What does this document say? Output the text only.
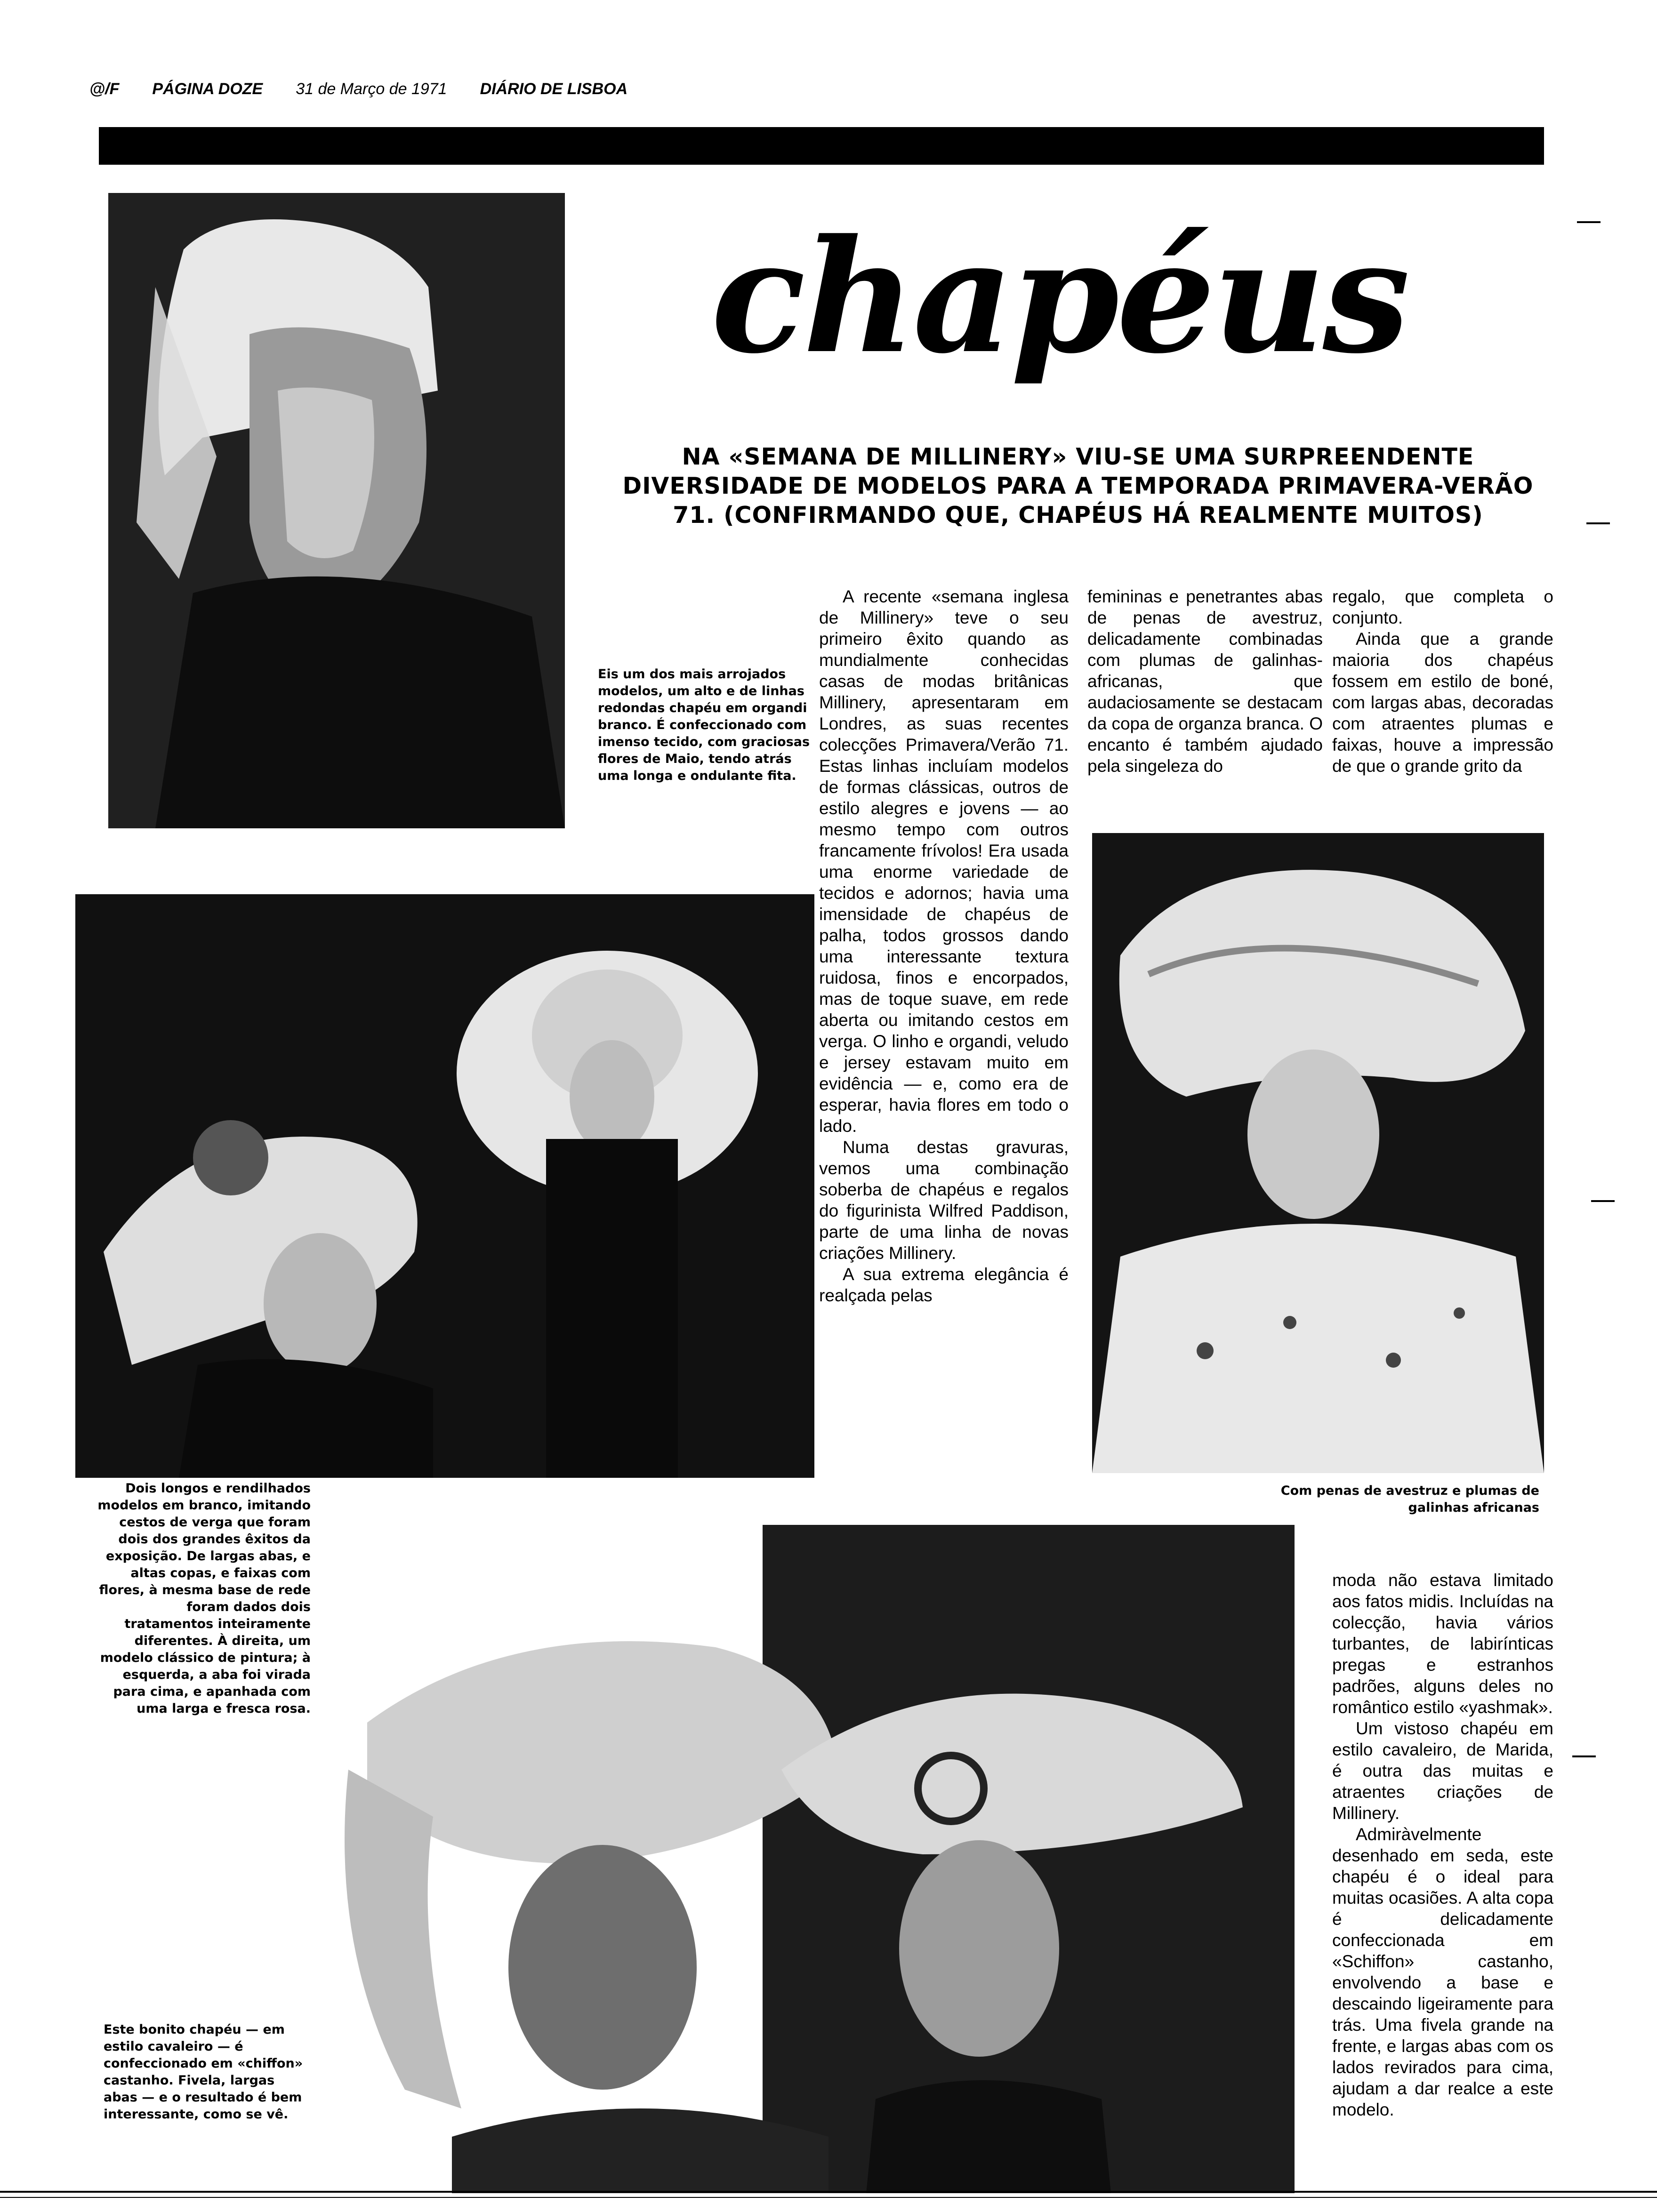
@/F PÁGINA DOZE 31 de Março de 1971 DIÁRIO DE LISBOA
chapéus
NA «SEMANA DE MILLINERY» VIU-SE UMA SURPREENDENTE DIVERSIDADE DE MODELOS PARA A TEMPORADA PRIMAVERA-VERÃO 71. (CONFIRMANDO QUE, CHAPÉUS HÁ REALMENTE MUITOS)
Eis um dos mais arrojados modelos, um alto e de linhas redondas chapéu em organdi branco. É confeccionado com imenso tecido, com graciosas flores de Maio, tendo atrás uma longa e ondulante fita.

A recente «semana inglesa de Millinery» teve o seu primeiro êxito quando as mundialmente conhecidas casas de modas britânicas Millinery, apresentaram em Londres, as suas recentes colecções Primavera/Verão 71. Estas linhas incluíam modelos de formas clássicas, outros de estilo alegres e jovens — ao mesmo tempo com outros francamente frívolos! Era usada uma enorme variedade de tecidos e adornos; havia uma imensidade de chapéus de palha, todos grossos dando uma interessante textura ruidosa, finos e encorpados, mas de toque suave, em rede aberta ou imitando cestos em verga. O linho e organdi, veludo e jersey estavam muito em evidência — e, como era de esperar, havia flores em todo o lado.

Numa destas gravuras, vemos uma combinação soberba de chapéus e regalos do figurinista Wilfred Paddison, parte de uma linha de novas criações Millinery.

A sua extrema elegância é realçada pelas

femininas e penetrantes abas de penas de avestruz, delicadamente combinadas com plumas de galinhas-africanas, que audaciosamente se destacam da copa de organza branca. O encanto é também ajudado pela singeleza do

regalo, que completa o conjunto.

Ainda que a grande maioria dos chapéus fossem em estilo de boné, com largas abas, decoradas com atraentes plumas e faixas, houve a impressão de que o grande grito da

Dois longos e rendilhados modelos em branco, imitando cestos de verga que foram dois dos grandes êxitos da exposição. De largas abas, e altas copas, e faixas com flores, à mesma base de rede foram dados dois tratamentos inteiramente diferentes. À direita, um modelo clássico de pintura; à esquerda, a aba foi virada para cima, e apanhada com uma larga e fresca rosa.
Com penas de avestruz e plumas de galinhas africanas

moda não estava limitado aos fatos midis. Incluídas na colecção, havia vários turbantes, de labirínticas pregas e estranhos padrões, alguns deles no romântico estilo «yashmak».

Um vistoso chapéu em estilo cavaleiro, de Marida, é outra das muitas e atraentes criações de Millinery.

Admiràvelmente desenhado em seda, este chapéu é o ideal para muitas ocasiões. A alta copa é delicadamente confeccionada em «Schiffon» castanho, envolvendo a base e descaindo ligeiramente para trás. Uma fivela grande na frente, e largas abas com os lados revirados para cima, ajudam a dar realce a este modelo.

Este bonito chapéu — em estilo cavaleiro — é confeccionado em «chiffon» castanho. Fivela, largas abas — e o resultado é bem interessante, como se vê.
